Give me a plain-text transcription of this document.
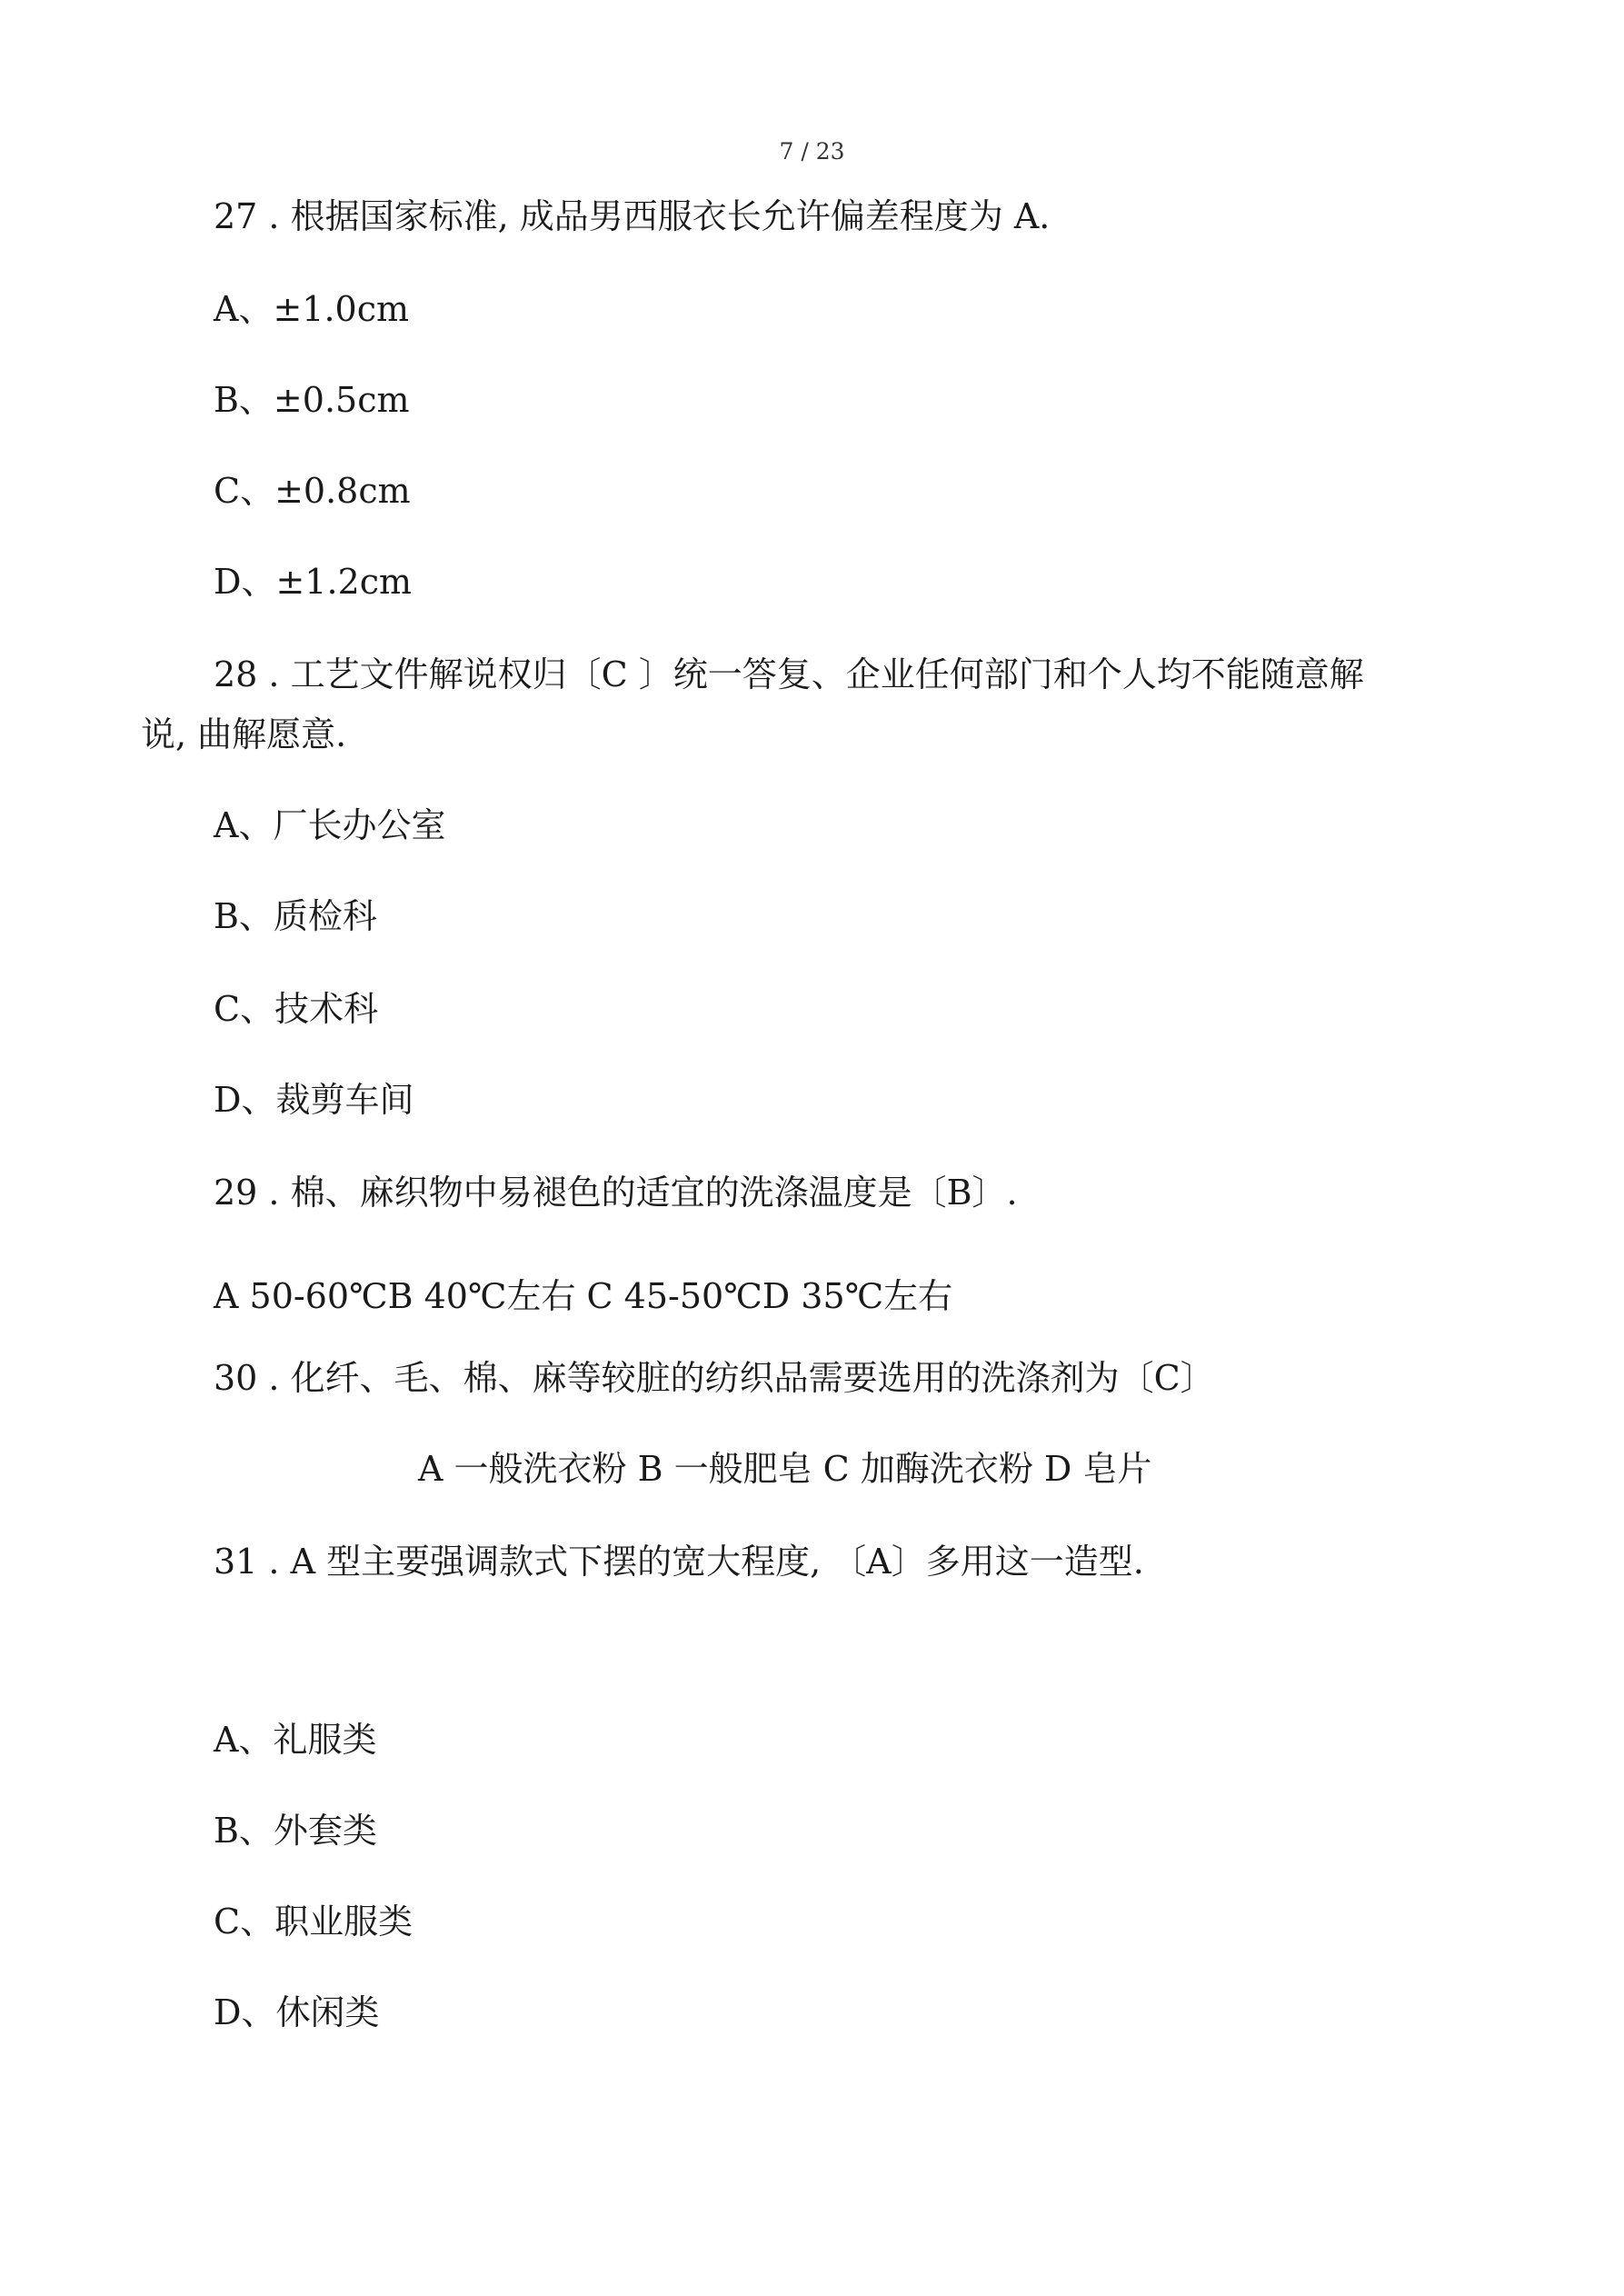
7 / 23
27 . 根据国家标准, 成品男西服衣长允许偏差程度为 A.
A、±1.0cm
B、±0.5cm
C、±0.8cm
D、±1.2cm
28 . 工艺文件解说权归〔C 〕统一答复、企业任何部门和个人均不能随意解
说, 曲解愿意.
A、厂长办公室
B、质检科
C、技术科
D、裁剪车间
29 . 棉、麻织物中易褪色的适宜的洗涤温度是〔B〕.
A 50-60℃B 40℃左右 C 45-50℃D 35℃左右
30 . 化纤、毛、棉、麻等较脏的纺织品需要选用的洗涤剂为〔C〕
A 一般洗衣粉 B 一般肥皂 C 加酶洗衣粉 D 皂片
31 . A 型主要强调款式下摆的宽大程度, 〔A〕多用这一造型.
A、礼服类
B、外套类
C、职业服类
D、休闲类
